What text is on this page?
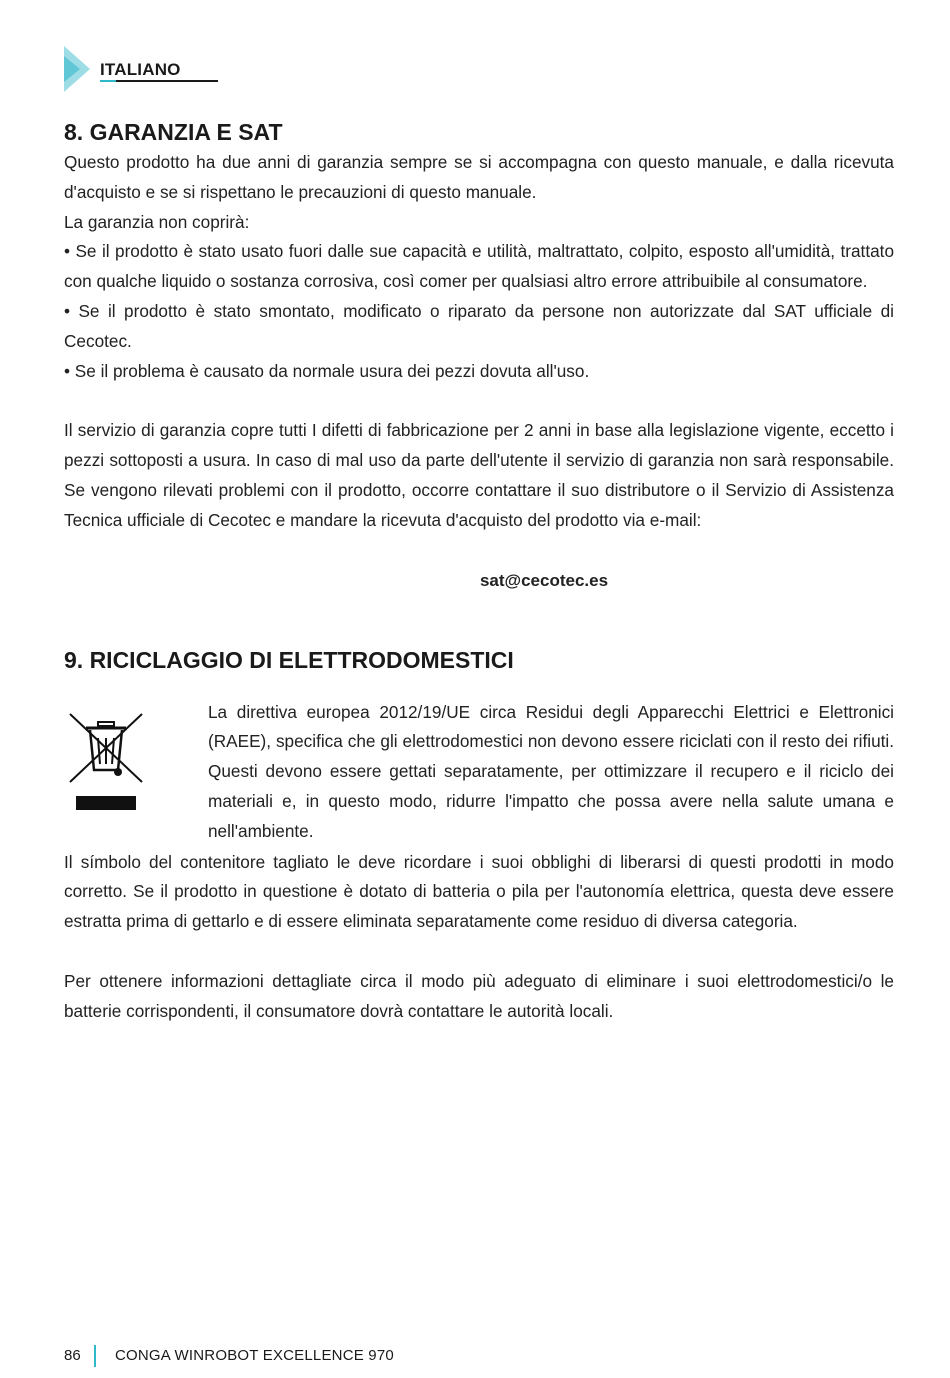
ITALIANO
8. GARANZIA E SAT

Questo prodotto ha due anni di garanzia sempre se si accompagna con questo manuale, e dalla ricevuta d'acquisto e se si rispettano le precauzioni di questo manuale.

La garanzia non coprirà:

• Se il prodotto è stato usato fuori dalle sue capacità e utilità, maltrattato, colpito, esposto all'umidità, trattato con qualche liquido o sostanza corrosiva, così comer per qualsiasi altro errore attribuibile al consumatore.

• Se il prodotto è stato smontato, modificato o riparato da persone non autorizzate dal SAT ufficiale di Cecotec.

• Se il problema è causato da normale usura dei pezzi dovuta all'uso.

Il servizio di garanzia copre tutti I difetti di fabbricazione per 2 anni in base alla legislazione vigente, eccetto i pezzi sottoposti a usura. In caso di mal uso da parte dell'utente il servizio di garanzia non sarà responsabile. Se vengono rilevati problemi con il prodotto, occorre contattare il suo distributore o il Servizio di Assistenza Tecnica ufficiale di Cecotec e mandare la ricevuta d'acquisto del prodotto via e-mail:

sat@cecotec.es
9. RICICLAGGIO DI ELETTRODOMESTICI

La direttiva europea 2012/19/UE circa Residui degli Apparecchi Elettrici e Elettronici (RAEE), specifica che gli elettrodomestici non devono essere riciclati con il resto dei rifiuti. Questi devono essere gettati separatamente, per ottimizzare il recupero e il riciclo dei materiali e, in questo modo, ridurre l'impatto che possa avere nella salute umana e nell'ambiente.

Il símbolo del contenitore tagliato le deve ricordare i suoi obblighi di liberarsi di questi prodotti in modo corretto. Se il prodotto in questione è dotato di batteria o pila per l'autonomía elettrica, questa deve essere estratta prima di gettarlo e di essere eliminata separatamente come residuo di diversa categoria.

Per ottenere informazioni dettagliate circa il modo più adeguato di eliminare i suoi elettrodomestici/o le batterie corrispondenti, il consumatore dovrà contattare le autorità locali.

86 CONGA WINROBOT EXCELLENCE 970
